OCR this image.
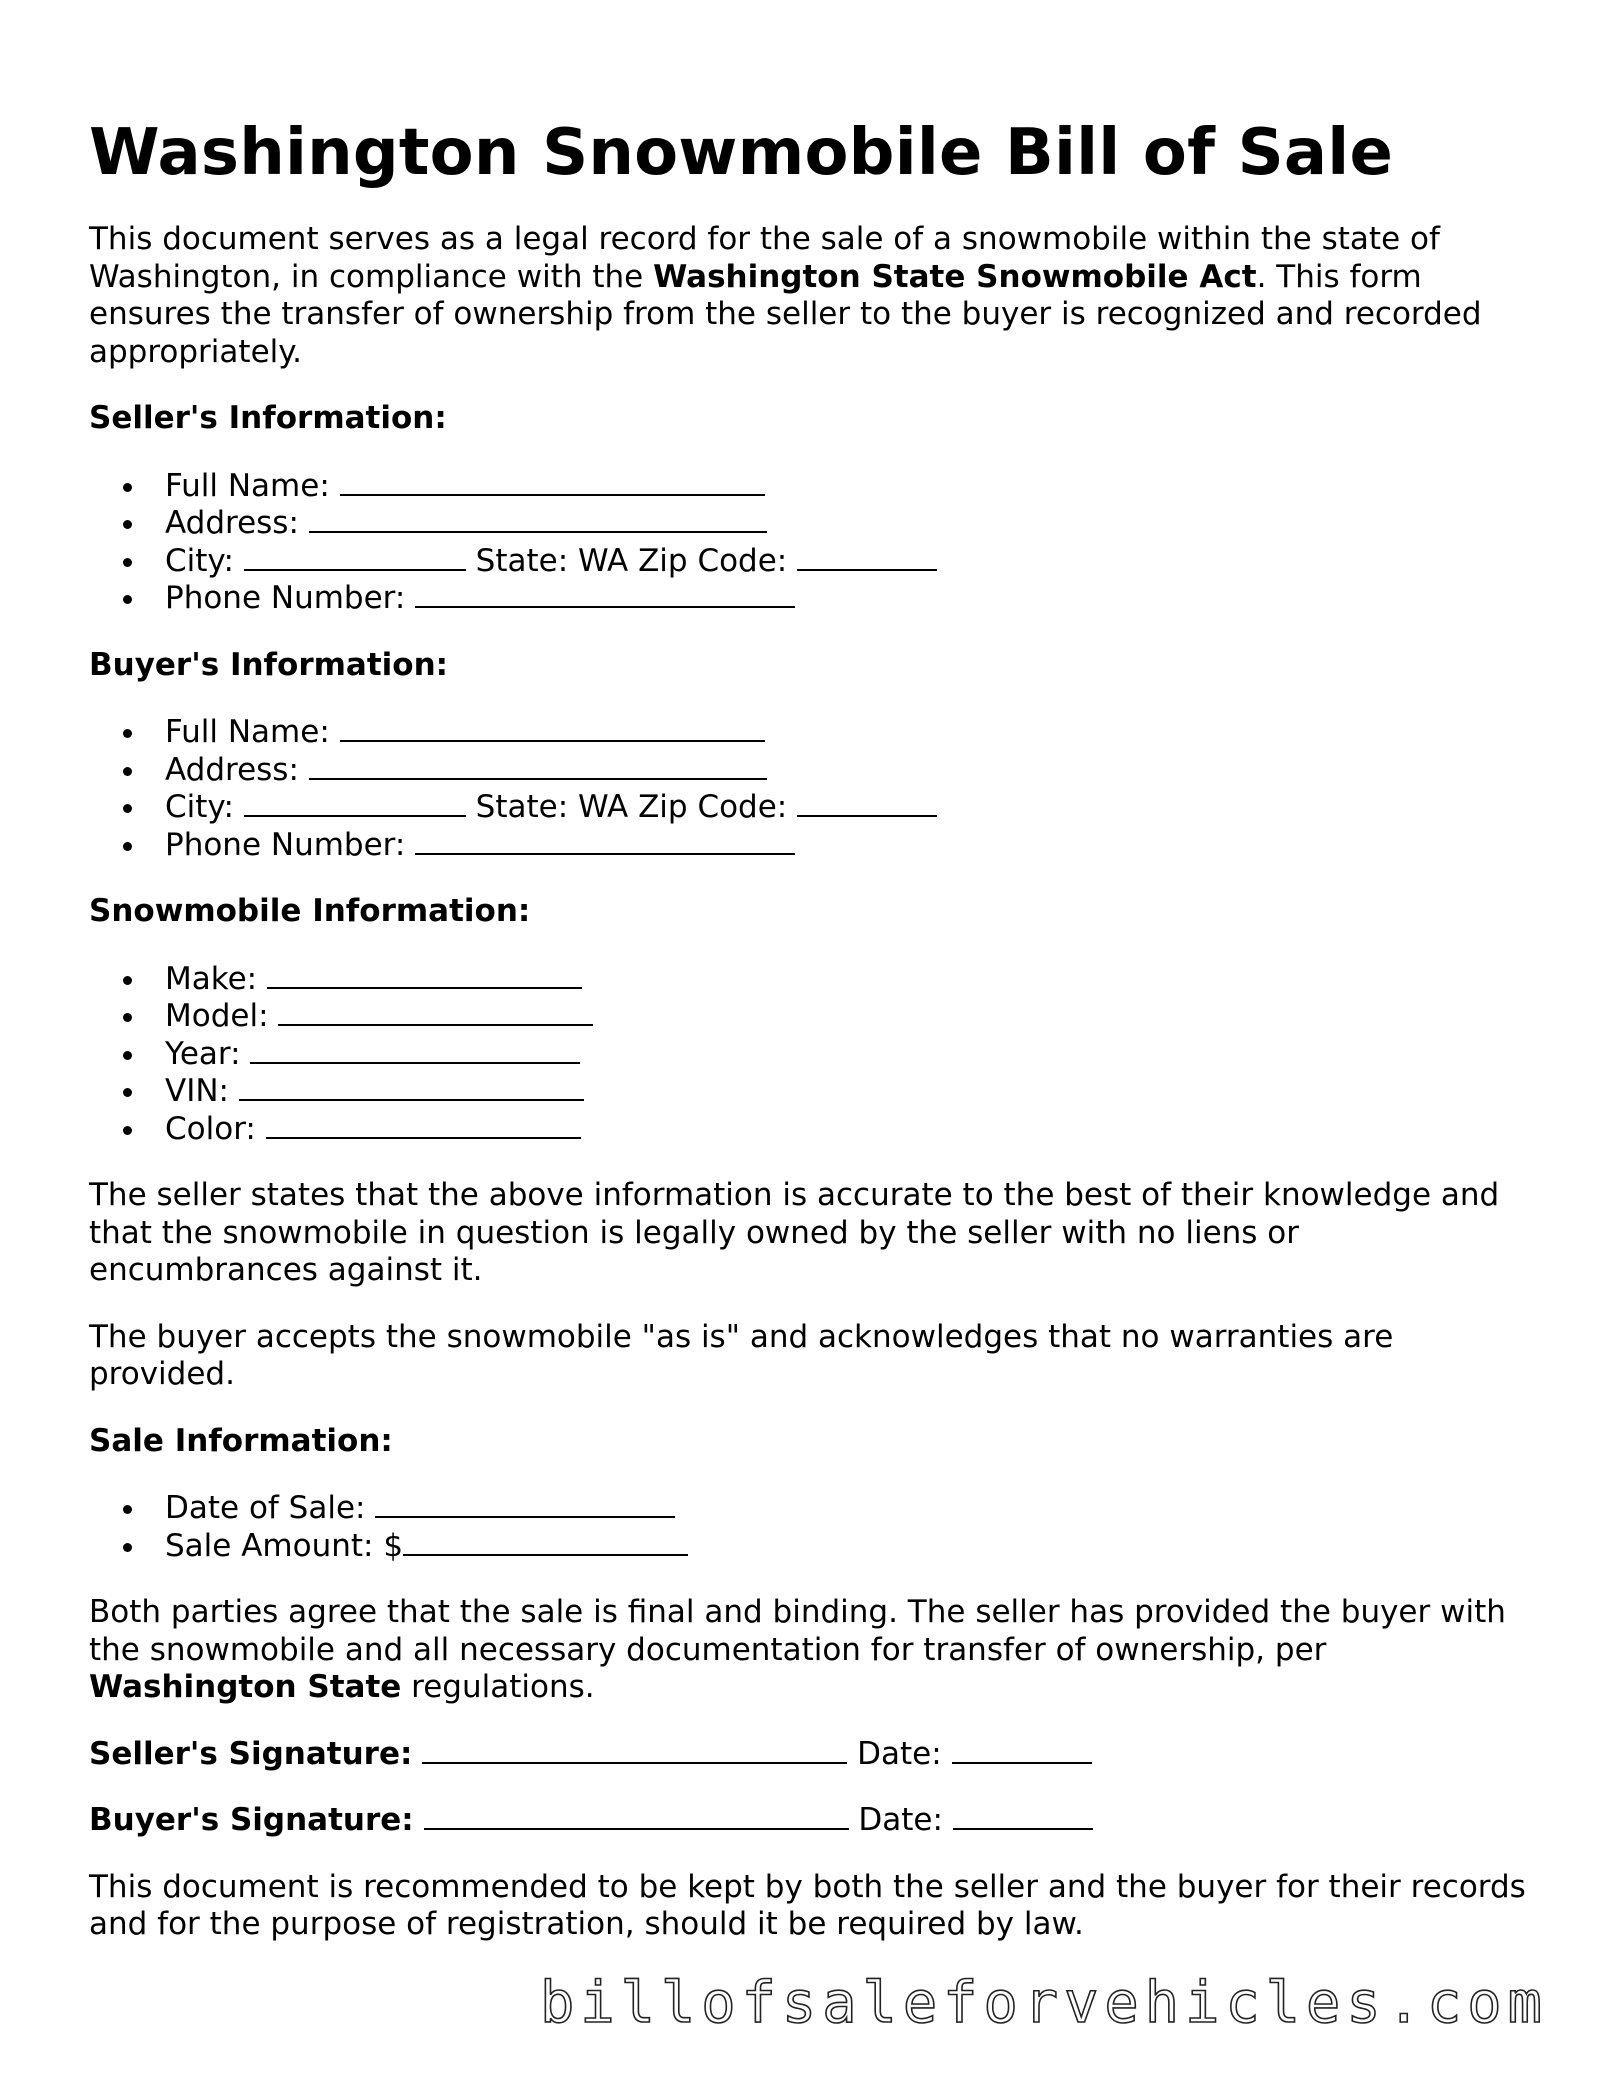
Washington Snowmobile Bill of Sale

This document serves as a legal record for the sale of a snowmobile within the state of Washington, in compliance with the Washington State Snowmobile Act. This form ensures the transfer of ownership from the seller to the buyer is recognized and recorded appropriately.

Seller's Information:
Full Name:
Address:
City:	State: WA Zip Code:
Phone Number:
Buyer's Information:
Full Name:
Address:
City:	State: WA Zip Code:
Phone Number:
Snowmobile Information:
Make:
Model:
Year:
VIN:
Color:

The seller states that the above information is accurate to the best of their knowledge and that the snowmobile in question is legally owned by the seller with no liens or encumbrances against it.

The buyer accepts the snowmobile "as is" and acknowledges that no warranties are provided.

Sale Information:
Date of Sale:
Sale Amount: $

Both parties agree that the sale is final and binding. The seller has provided the buyer with the snowmobile and all necessary documentation for transfer of ownership, per Washington State regulations.

Seller's Signature:	Date:
Buyer's Signature:	Date:

This document is recommended to be kept by both the seller and the buyer for their records and for the purpose of registration, should it be required by law.

billofsaleforvehicles.com
